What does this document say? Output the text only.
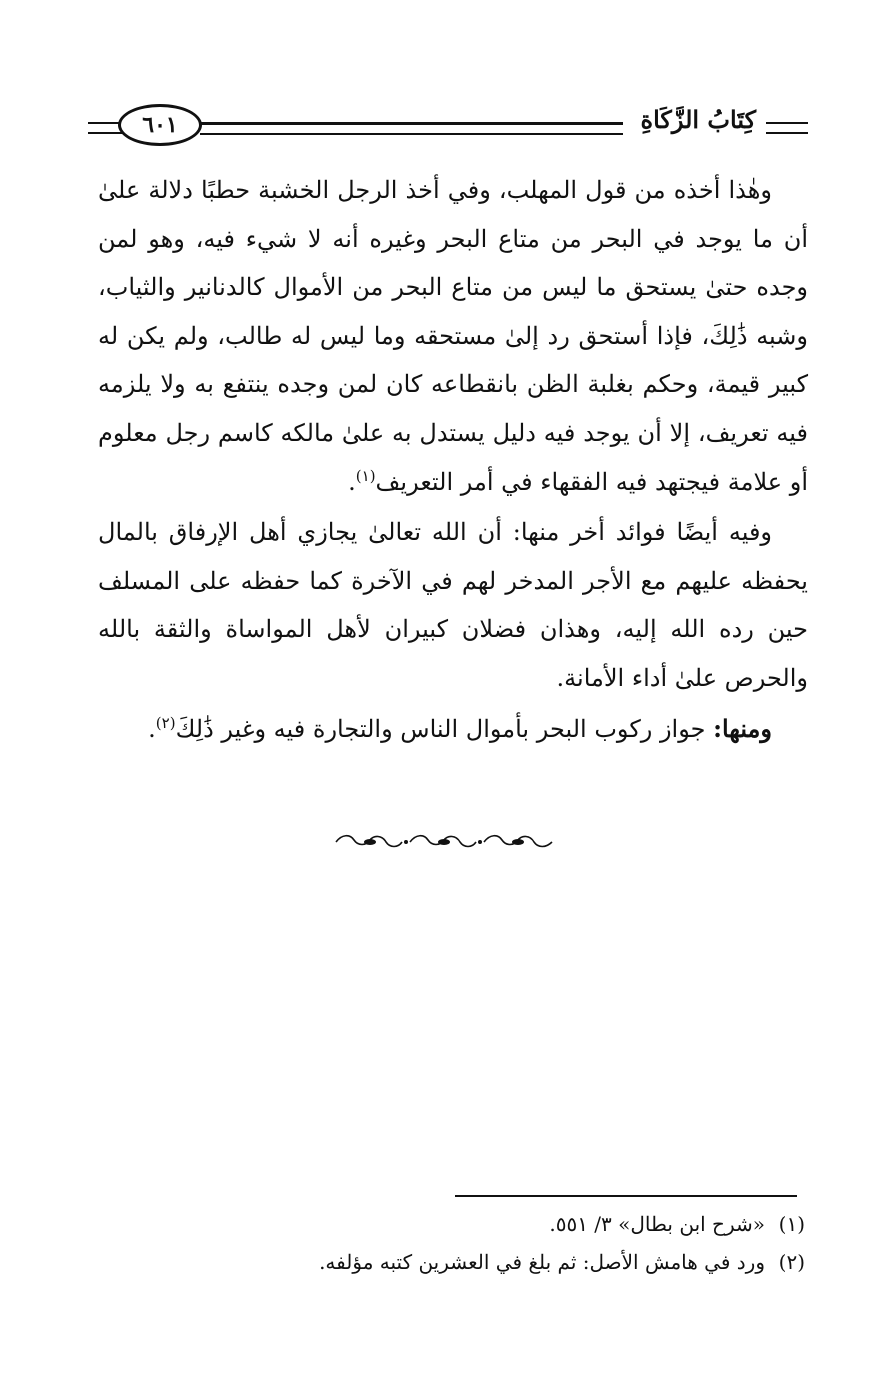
كِتَابُ الزَّكَاةِ
٦٠١

وهٰذا أخذه من قول المهلب، وفي أخذ الرجل الخشبة حطبًا دلالة علىٰ أن ما يوجد في البحر من متاع البحر وغيره أنه لا شيء فيه، وهو لمن وجده حتىٰ يستحق ما ليس من متاع البحر من الأموال كالدنانير والثياب، وشبه ذَٰلِكَ، فإذا أستحق رد إلىٰ مستحقه وما ليس له طالب، ولم يكن له كبير قيمة، وحكم بغلبة الظن بانقطاعه كان لمن وجده ينتفع به ولا يلزمه فيه تعريف، إلا أن يوجد فيه دليل يستدل به علىٰ مالكه كاسم رجل معلوم أو علامة فيجتهد فيه الفقهاء في أمر التعريف$^{(١)}$.

وفيه أيضًا فوائد أخر منها: أن الله تعالىٰ يجازي أهل الإرفاق بالمال يحفظه عليهم مع الأجر المدخر لهم في الآخرة كما حفظه على المسلف حين رده الله إليه، وهذان فضلان كبيران لأهل المواساة والثقة بالله والحرص علىٰ أداء الأمانة.

ومنها: جواز ركوب البحر بأموال الناس والتجارة فيه وغير ذَٰلِكَ$^{(٢)}$.

(١)«شرح ابن بطال» ٣/ ٥٥١.
(٢)ورد في هامش الأصل: ثم بلغ في العشرين كتبه مؤلفه.
